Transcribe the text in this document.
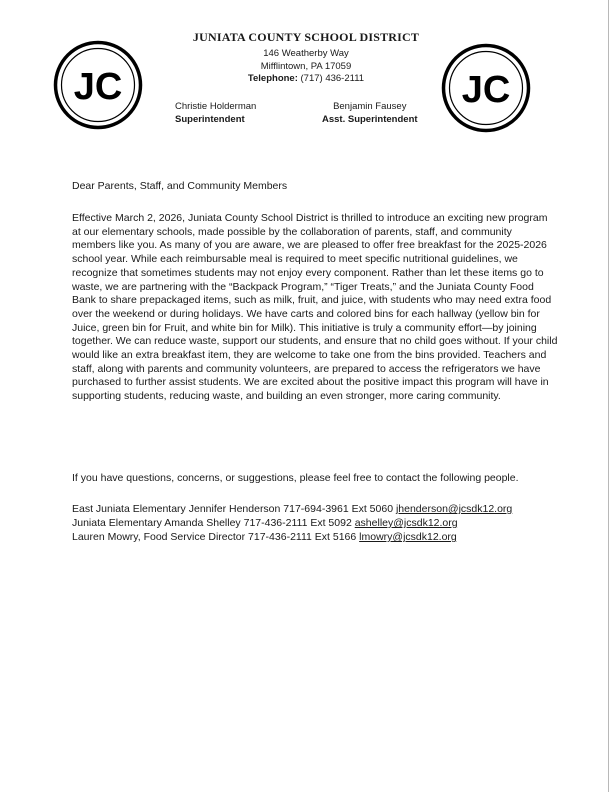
JC	JC
JUNIATA COUNTY SCHOOL DISTRICT
146 Weatherby Way
Mifflintown, PA 17059
Telephone: (717) 436-2111
Christie Holderman
Superintendent
Benjamin Fausey
Asst. Superintendent
Dear Parents, Staff, and Community Members

Effective March 2, 2026, Juniata County School District is thrilled to introduce an exciting new program at our elementary schools, made possible by the collaboration of parents, staff, and community members like you. As many of you are aware, we are pleased to offer free breakfast for the 2025-2026 school year. While each reimbursable meal is required to meet specific nutritional guidelines, we recognize that sometimes students may not enjoy every component. Rather than let these items go to waste, we are partnering with the “Backpack Program,” “Tiger Treats,” and the Juniata County Food Bank to share prepackaged items, such as milk, fruit, and juice, with students who may need extra food over the weekend or during holidays. We have carts and colored bins for each hallway (yellow bin for Juice, green bin for Fruit, and white bin for Milk). This initiative is truly a community effort—by joining together. We can reduce waste, support our students, and ensure that no child goes without. If your child would like an extra breakfast item, they are welcome to take one from the bins provided. Teachers and staff, along with parents and community volunteers, are prepared to access the refrigerators we have purchased to further assist students. We are excited about the positive impact this program will have in supporting students, reducing waste, and building an even stronger, more caring community.

If you have questions, concerns, or suggestions, please feel free to contact the following people.
East Juniata Elementary Jennifer Henderson 717-694-3961 Ext 5060 jhenderson@jcsdk12.org
Juniata Elementary Amanda Shelley 717-436-2111 Ext 5092 ashelley@jcsdk12.org
Lauren Mowry, Food Service Director 717-436-2111 Ext 5166 lmowry@jcsdk12.org
